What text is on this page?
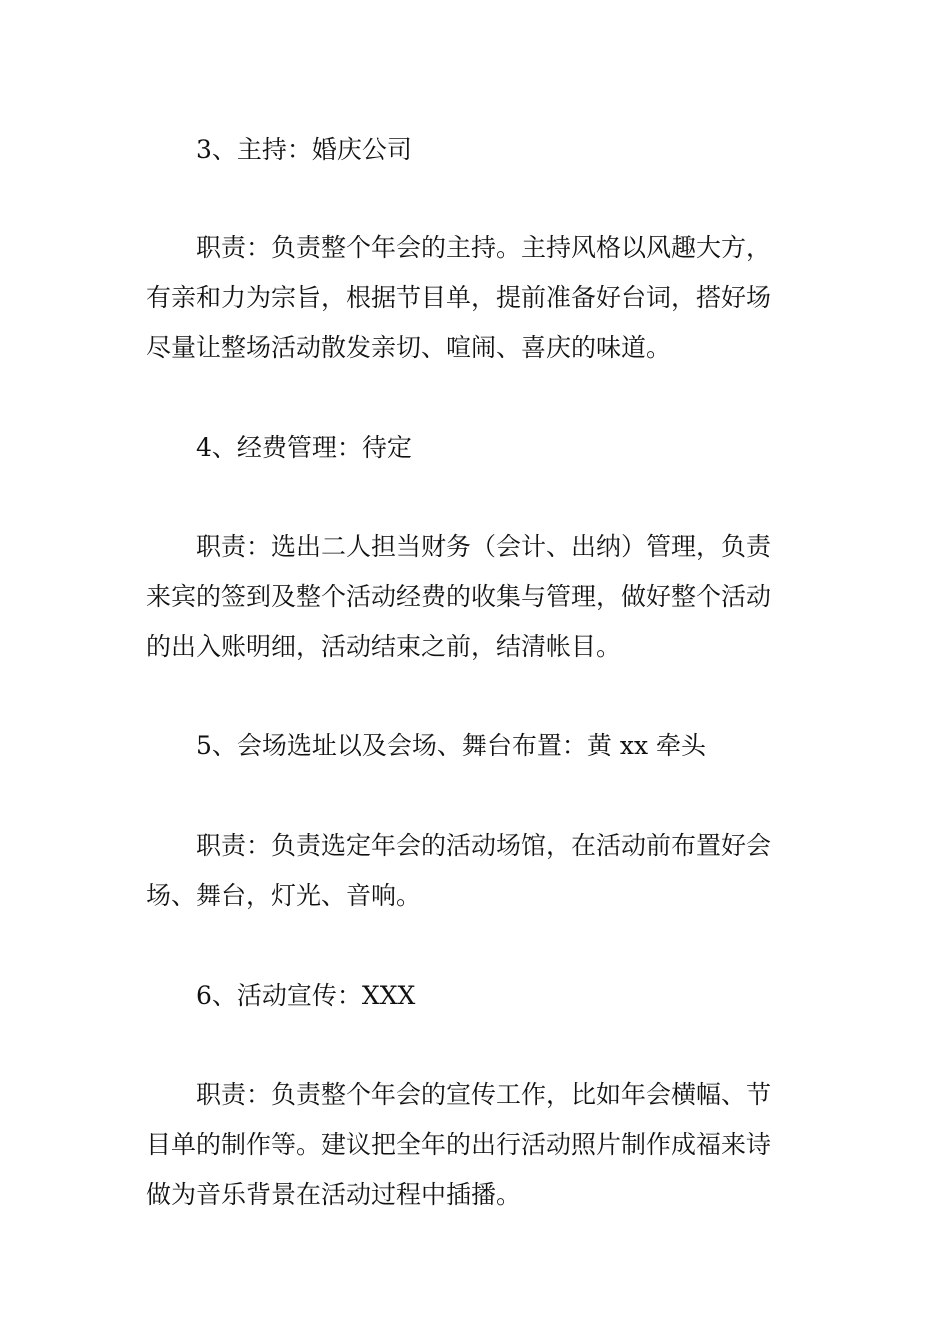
3、主持：婚庆公司

职责：负责整个年会的主持。主持风格以风趣大方，

有亲和力为宗旨，根据节目单，提前准备好台词，搭好场

尽量让整场活动散发亲切、喧闹、喜庆的味道。

4、经费管理：待定

职责：选出二人担当财务（会计、出纳）管理，负责

来宾的签到及整个活动经费的收集与管理，做好整个活动

的出入账明细，活动结束之前，结清帐目。

5、会场选址以及会场、舞台布置：黄 xx 牵头

职责：负责选定年会的活动场馆，在活动前布置好会

场、舞台，灯光、音响。

6、活动宣传：XXX

职责：负责整个年会的宣传工作，比如年会横幅、节

目单的制作等。建议把全年的出行活动照片制作成福来诗

做为音乐背景在活动过程中插播。
